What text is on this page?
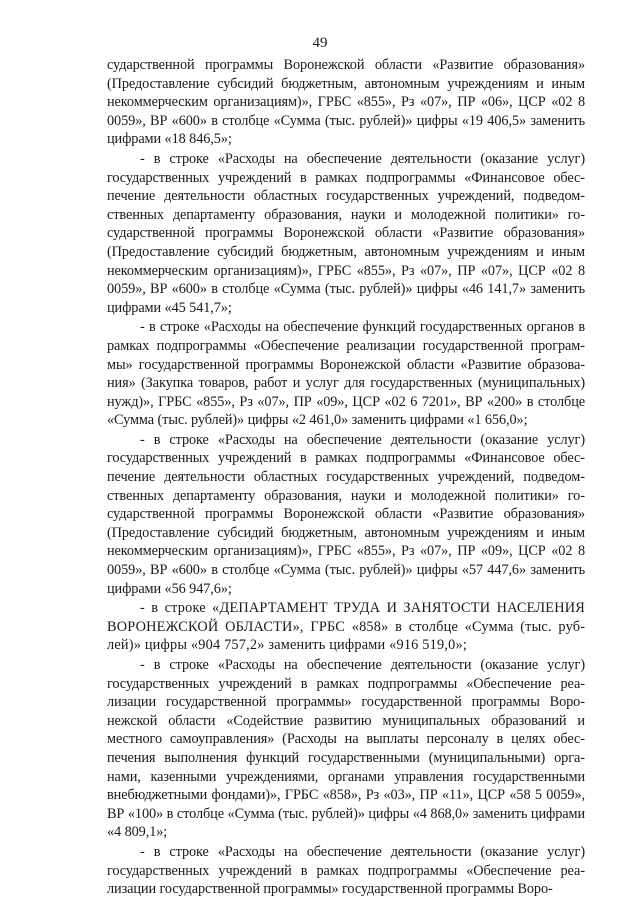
49

сударственной программы Воронежской области «Развитие образования» (Предоставление субсидий бюджетным, автономным учреждениям и иным некоммерческим организациям)», ГРБС «855», Рз «07», ПР «06», ЦСР «02 8 0059», ВР «600» в столбце «Сумма (тыс. рублей)» цифры «19 406,5» заменить цифрами «18 846,5»;

- в строке «Расходы на обеспечение деятельности (оказание услуг) государственных учреждений в рамках подпрограммы «Финансовое обеспечение деятельности областных государственных учреждений, подведомственных департаменту образования, науки и молодежной политики» государственной программы Воронежской области «Развитие образования» (Предоставление субсидий бюджетным, автономным учреждениям и иным некоммерческим организациям)», ГРБС «855», Рз «07», ПР «07», ЦСР «02 8 0059», ВР «600» в столбце «Сумма (тыс. рублей)» цифры «46 141,7» заменить цифрами «45 541,7»;

- в строке «Расходы на обеспечение функций государственных органов в рамках подпрограммы «Обеспечение реализации государственной программы» государственной программы Воронежской области «Развитие образования» (Закупка товаров, работ и услуг для государственных (муниципальных) нужд)», ГРБС «855», Рз «07», ПР «09», ЦСР «02 6 7201», ВР «200» в столбце «Сумма (тыс. рублей)» цифры «2 461,0» заменить цифрами «1 656,0»;

- в строке «Расходы на обеспечение деятельности (оказание услуг) государственных учреждений в рамках подпрограммы «Финансовое обеспечение деятельности областных государственных учреждений, подведомственных департаменту образования, науки и молодежной политики» государственной программы Воронежской области «Развитие образования» (Предоставление субсидий бюджетным, автономным учреждениям и иным некоммерческим организациям)», ГРБС «855», Рз «07», ПР «09», ЦСР «02 8 0059», ВР «600» в столбце «Сумма (тыс. рублей)» цифры «57 447,6» заменить цифрами «56 947,6»;

- в строке «ДЕПАРТАМЕНТ ТРУДА И ЗАНЯТОСТИ НАСЕЛЕНИЯ ВОРОНЕЖСКОЙ ОБЛАСТИ», ГРБС «858» в столбце «Сумма (тыс. рублей)» цифры «904 757,2» заменить цифрами «916 519,0»;

- в строке «Расходы на обеспечение деятельности (оказание услуг) государственных учреждений в рамках подпрограммы «Обеспечение реализации государственной программы» государственной программы Воронежской области «Содействие развитию муниципальных образований и местного самоуправления» (Расходы на выплаты персоналу в целях обеспечения выполнения функций государственными (муниципальными) органами, казенными учреждениями, органами управления государственными внебюджетными фондами)», ГРБС «858», Рз «03», ПР «11», ЦСР «58 5 0059», ВР «100» в столбце «Сумма (тыс. рублей)» цифры «4 868,0» заменить цифрами «4 809,1»;

- в строке «Расходы на обеспечение деятельности (оказание услуг) государственных учреждений в рамках подпрограммы «Обеспечение реализации государственной программы» государственной программы Воро-
